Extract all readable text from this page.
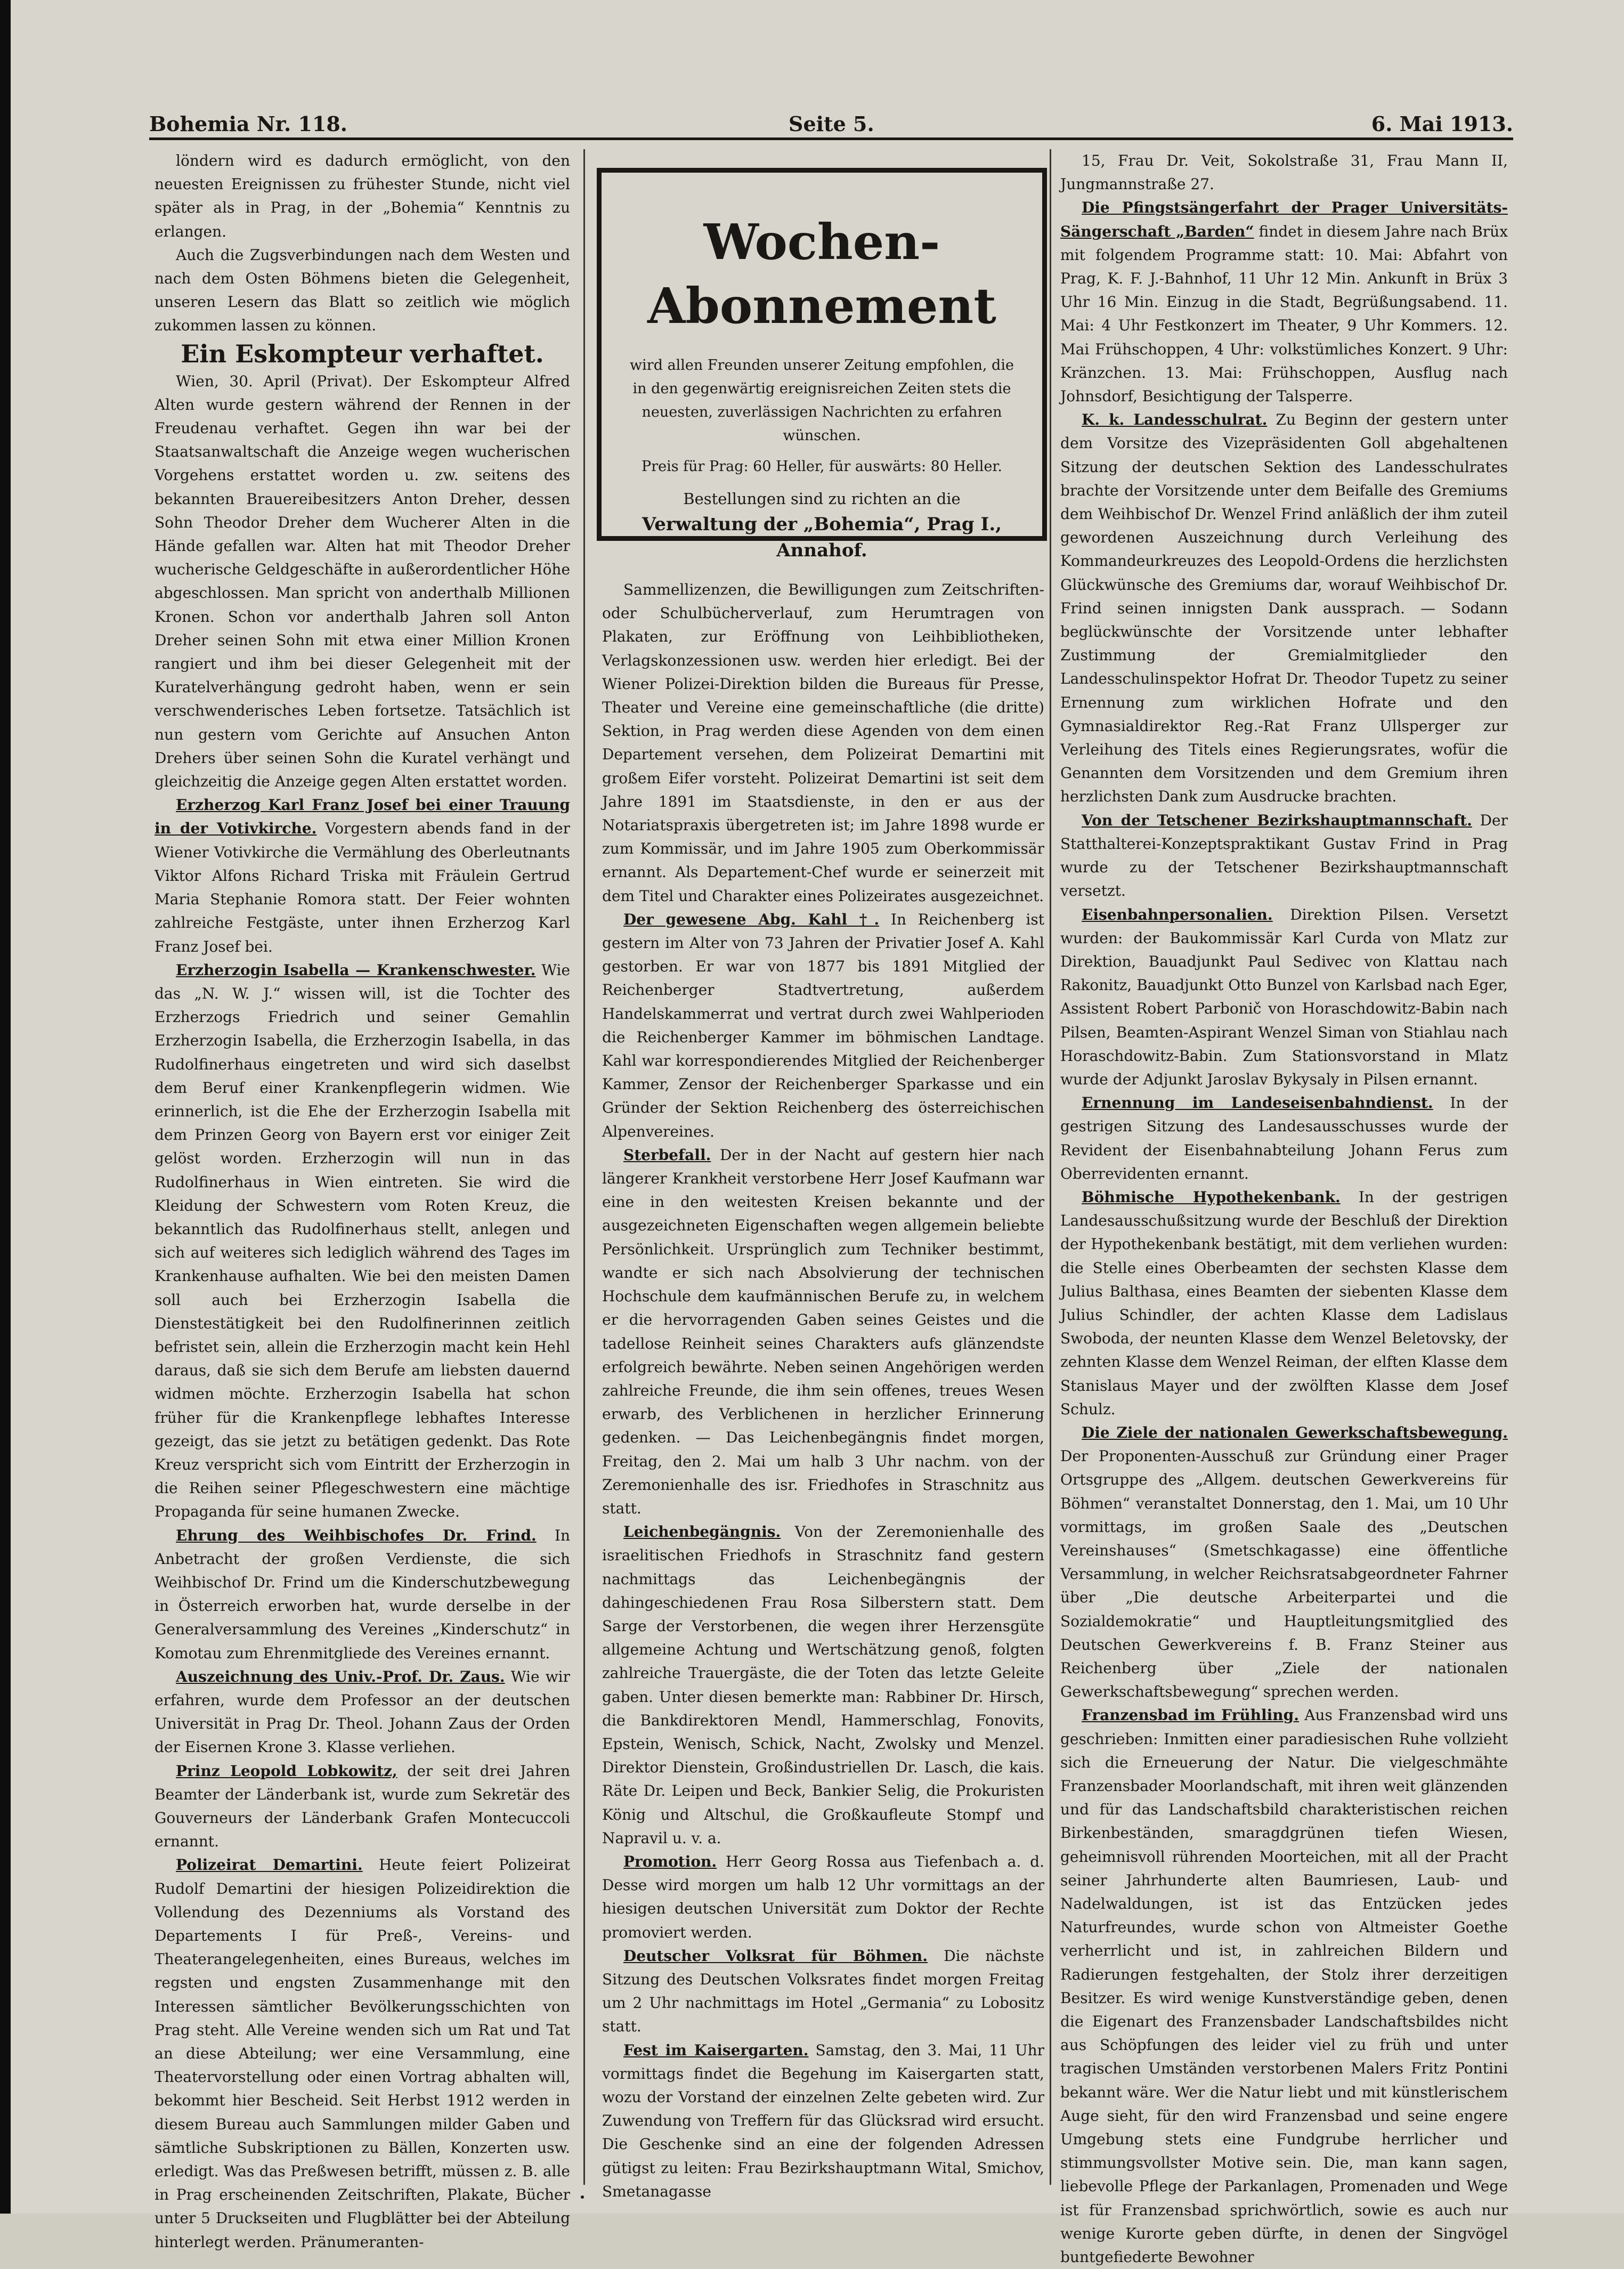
Bohemia Nr. 118.	Seite 5.	6. Mai 1913.

löndern wird es dadurch ermöglicht, von den neuesten Ereignissen zu frühester Stunde, nicht viel später als in Prag, in der „Bohemia“ Kenntnis zu erlangen.

Auch die Zugsverbindungen nach dem Westen und nach dem Osten Böhmens bieten die Gelegenheit, unseren Lesern das Blatt so zeitlich wie möglich zukommen lassen zu können.

Ein Eskompteur verhaftet.

Wien, 30. April (Privat). Der Eskompteur Alfred Alten wurde gestern während der Rennen in der Freudenau verhaftet. Gegen ihn war bei der Staatsanwaltschaft die Anzeige wegen wucherischen Vorgehens erstattet worden u. zw. seitens des bekannten Brauereibesitzers Anton Dreher, dessen Sohn Theodor Dreher dem Wucherer Alten in die Hände gefallen war. Alten hat mit Theodor Dreher wucherische Geldgeschäfte in außerordentlicher Höhe abgeschlossen. Man spricht von anderthalb Millionen Kronen. Schon vor anderthalb Jahren soll Anton Dreher seinen Sohn mit etwa einer Million Kronen rangiert und ihm bei dieser Gelegenheit mit der Kuratelverhängung gedroht haben, wenn er sein verschwenderisches Leben fortsetze. Tatsächlich ist nun gestern vom Gerichte auf Ansuchen Anton Drehers über seinen Sohn die Kuratel verhängt und gleichzeitig die Anzeige gegen Alten erstattet worden.

Erzherzog Karl Franz Josef bei einer Trauung in der Votivkirche. Vorgestern abends fand in der Wiener Votivkirche die Vermählung des Oberleutnants Viktor Alfons Richard Triska mit Fräulein Gertrud Maria Stephanie Romora statt. Der Feier wohnten zahlreiche Festgäste, unter ihnen Erzherzog Karl Franz Josef bei.

Erzherzogin Isabella — Krankenschwester. Wie das „N. W. J.“ wissen will, ist die Tochter des Erzherzogs Friedrich und seiner Gemahlin Erzherzogin Isabella, die Erzherzogin Isabella, in das Rudolfinerhaus eingetreten und wird sich daselbst dem Beruf einer Krankenpflegerin widmen. Wie erinnerlich, ist die Ehe der Erzherzogin Isabella mit dem Prinzen Georg von Bayern erst vor einiger Zeit gelöst worden. Erzherzogin will nun in das Rudolfinerhaus in Wien eintreten. Sie wird die Kleidung der Schwestern vom Roten Kreuz, die bekanntlich das Rudolfinerhaus stellt, anlegen und sich auf weiteres sich lediglich während des Tages im Krankenhause aufhalten. Wie bei den meisten Damen soll auch bei Erzherzogin Isabella die Dienstestätigkeit bei den Rudolfinerinnen zeitlich befristet sein, allein die Erzherzogin macht kein Hehl daraus, daß sie sich dem Berufe am liebsten dauernd widmen möchte. Erzherzogin Isabella hat schon früher für die Krankenpflege lebhaftes Interesse gezeigt, das sie jetzt zu betätigen gedenkt. Das Rote Kreuz verspricht sich vom Eintritt der Erzherzogin in die Reihen seiner Pflegeschwestern eine mächtige Propaganda für seine humanen Zwecke.

Ehrung des Weihbischofes Dr. Frind. In Anbetracht der großen Verdienste, die sich Weihbischof Dr. Frind um die Kinderschutzbewegung in Österreich erworben hat, wurde derselbe in der Generalversammlung des Vereines „Kinderschutz“ in Komotau zum Ehrenmitgliede des Vereines ernannt.

Auszeichnung des Univ.-Prof. Dr. Zaus. Wie wir erfahren, wurde dem Professor an der deutschen Universität in Prag Dr. Theol. Johann Zaus der Orden der Eisernen Krone 3. Klasse verliehen.

Prinz Leopold Lobkowitz, der seit drei Jahren Beamter der Länderbank ist, wurde zum Sekretär des Gouverneurs der Länderbank Grafen Montecuccoli ernannt.

Polizeirat Demartini. Heute feiert Polizeirat Rudolf Demartini der hiesigen Polizeidirektion die Vollendung des Dezenniums als Vorstand des Departements I für Preß-, Vereins- und Theaterangelegenheiten, eines Bureaus, welches im regsten und engsten Zusammenhange mit den Interessen sämtlicher Bevölkerungsschichten von Prag steht. Alle Vereine wenden sich um Rat und Tat an diese Abteilung; wer eine Versammlung, eine Theatervorstellung oder einen Vortrag abhalten will, bekommt hier Bescheid. Seit Herbst 1912 werden in diesem Bureau auch Sammlungen milder Gaben und sämtliche Subskriptionen zu Bällen, Konzerten usw. erledigt. Was das Preßwesen betrifft, müssen z. B. alle in Prag erscheinenden Zeitschriften, Plakate, Bücher unter 5 Druckseiten und Flugblätter bei der Abteilung hinterlegt werden. Pränumeranten-

Wochen-Abonnement
wird allen Freunden unserer Zeitung empfohlen, die in den gegenwärtig ereignisreichen Zeiten stets die neuesten, zuverlässigen Nachrichten zu erfahren wünschen.
Preis für Prag: 60 Heller, für auswärts: 80 Heller.
Bestellungen sind zu richten an die
Verwaltung der „Bohemia“, Prag I., Annahof.

Sammellizenzen, die Bewilligungen zum Zeitschriften- oder Schulbücherverlauf, zum Herumtragen von Plakaten, zur Eröffnung von Leihbibliotheken, Verlagskonzessionen usw. werden hier erledigt. Bei der Wiener Polizei-Direktion bilden die Bureaus für Presse, Theater und Vereine eine gemeinschaftliche (die dritte) Sektion, in Prag werden diese Agenden von dem einen Departement versehen, dem Polizeirat Demartini mit großem Eifer vorsteht. Polizeirat Demartini ist seit dem Jahre 1891 im Staatsdienste, in den er aus der Notariatspraxis übergetreten ist; im Jahre 1898 wurde er zum Kommissär, und im Jahre 1905 zum Oberkommissär ernannt. Als Departement-Chef wurde er seinerzeit mit dem Titel und Charakter eines Polizeirates ausgezeichnet.

Der gewesene Abg. Kahl †. In Reichenberg ist gestern im Alter von 73 Jahren der Privatier Josef A. Kahl gestorben. Er war von 1877 bis 1891 Mitglied der Reichenberger Stadtvertretung, außerdem Handelskammerrat und vertrat durch zwei Wahlperioden die Reichenberger Kammer im böhmischen Landtage. Kahl war korrespondierendes Mitglied der Reichenberger Kammer, Zensor der Reichenberger Sparkasse und ein Gründer der Sektion Reichenberg des österreichischen Alpenvereines.

Sterbefall. Der in der Nacht auf gestern hier nach längerer Krankheit verstorbene Herr Josef Kaufmann war eine in den weitesten Kreisen bekannte und der ausgezeichneten Eigenschaften wegen allgemein beliebte Persönlichkeit. Ursprünglich zum Techniker bestimmt, wandte er sich nach Absolvierung der technischen Hochschule dem kaufmännischen Berufe zu, in welchem er die hervorragenden Gaben seines Geistes und die tadellose Reinheit seines Charakters aufs glänzendste erfolgreich bewährte. Neben seinen Angehörigen werden zahlreiche Freunde, die ihm sein offenes, treues Wesen erwarb, des Verblichenen in herzlicher Erinnerung gedenken. — Das Leichenbegängnis findet morgen, Freitag, den 2. Mai um halb 3 Uhr nachm. von der Zeremonienhalle des isr. Friedhofes in Straschnitz aus statt.

Leichenbegängnis. Von der Zeremonienhalle des israelitischen Friedhofs in Straschnitz fand gestern nachmittags das Leichenbegängnis der dahingeschiedenen Frau Rosa Silberstern statt. Dem Sarge der Verstorbenen, die wegen ihrer Herzensgüte allgemeine Achtung und Wertschätzung genoß, folgten zahlreiche Trauergäste, die der Toten das letzte Geleite gaben. Unter diesen bemerkte man: Rabbiner Dr. Hirsch, die Bankdirektoren Mendl, Hammerschlag, Fonovits, Epstein, Wenisch, Schick, Nacht, Zwolsky und Menzel. Direktor Dienstein, Großindustriellen Dr. Lasch, die kais. Räte Dr. Leipen und Beck, Bankier Selig, die Prokuristen König und Altschul, die Großkaufleute Stompf und Napravil u. v. a.

Promotion. Herr Georg Rossa aus Tiefenbach a. d. Desse wird morgen um halb 12 Uhr vormittags an der hiesigen deutschen Universität zum Doktor der Rechte promoviert werden.

Deutscher Volksrat für Böhmen. Die nächste Sitzung des Deutschen Volksrates findet morgen Freitag um 2 Uhr nachmittags im Hotel „Germania“ zu Lobositz statt.

Fest im Kaisergarten. Samstag, den 3. Mai, 11 Uhr vormittags findet die Begehung im Kaisergarten statt, wozu der Vorstand der einzelnen Zelte gebeten wird. Zur Zuwendung von Treffern für das Glücksrad wird ersucht. Die Geschenke sind an eine der folgenden Adressen gütigst zu leiten: Frau Bezirkshauptmann Wital, Smichov, Smetanagasse

15, Frau Dr. Veit, Sokolstraße 31, Frau Mann II, Jungmannstraße 27.

Die Pfingstsängerfahrt der Prager Universitäts-Sängerschaft „Barden“ findet in diesem Jahre nach Brüx mit folgendem Programme statt: 10. Mai: Abfahrt von Prag, K. F. J.-Bahnhof, 11 Uhr 12 Min. Ankunft in Brüx 3 Uhr 16 Min. Einzug in die Stadt, Begrüßungsabend. 11. Mai: 4 Uhr Festkonzert im Theater, 9 Uhr Kommers. 12. Mai Frühschoppen, 4 Uhr: volkstümliches Konzert. 9 Uhr: Kränzchen. 13. Mai: Frühschoppen, Ausflug nach Johnsdorf, Besichtigung der Talsperre.

K. k. Landesschulrat. Zu Beginn der gestern unter dem Vorsitze des Vizepräsidenten Goll abgehaltenen Sitzung der deutschen Sektion des Landesschulrates brachte der Vorsitzende unter dem Beifalle des Gremiums dem Weihbischof Dr. Wenzel Frind anläßlich der ihm zuteil gewordenen Auszeichnung durch Verleihung des Kommandeurkreuzes des Leopold-Ordens die herzlichsten Glückwünsche des Gremiums dar, worauf Weihbischof Dr. Frind seinen innigsten Dank aussprach. — Sodann beglückwünschte der Vorsitzende unter lebhafter Zustimmung der Gremialmitglieder den Landesschulinspektor Hofrat Dr. Theodor Tupetz zu seiner Ernennung zum wirklichen Hofrate und den Gymnasialdirektor Reg.-Rat Franz Ullsperger zur Verleihung des Titels eines Regierungsrates, wofür die Genannten dem Vorsitzenden und dem Gremium ihren herzlichsten Dank zum Ausdrucke brachten.

Von der Tetschener Bezirkshauptmannschaft. Der Statthalterei-Konzeptspraktikant Gustav Frind in Prag wurde zu der Tetschener Bezirkshauptmannschaft versetzt.

Eisenbahnpersonalien. Direktion Pilsen. Versetzt wurden: der Baukommissär Karl Curda von Mlatz zur Direktion, Bauadjunkt Paul Sedivec von Klattau nach Rakonitz, Bauadjunkt Otto Bunzel von Karlsbad nach Eger, Assistent Robert Parbonič von Horaschdowitz-Babin nach Pilsen, Beamten-Aspirant Wenzel Siman von Stiahlau nach Horaschdowitz-Babin. Zum Stationsvorstand in Mlatz wurde der Adjunkt Jaroslav Bykysaly in Pilsen ernannt.

Ernennung im Landeseisenbahndienst. In der gestrigen Sitzung des Landesausschusses wurde der Revident der Eisenbahnabteilung Johann Ferus zum Oberrevidenten ernannt.

Böhmische Hypothekenbank. In der gestrigen Landesausschußsitzung wurde der Beschluß der Direktion der Hypothekenbank bestätigt, mit dem verliehen wurden: die Stelle eines Oberbeamten der sechsten Klasse dem Julius Balthasa, eines Beamten der siebenten Klasse dem Julius Schindler, der achten Klasse dem Ladislaus Swoboda, der neunten Klasse dem Wenzel Beletovsky, der zehnten Klasse dem Wenzel Reiman, der elften Klasse dem Stanislaus Mayer und der zwölften Klasse dem Josef Schulz.

Die Ziele der nationalen Gewerkschaftsbewegung. Der Proponenten-Ausschuß zur Gründung einer Prager Ortsgruppe des „Allgem. deutschen Gewerkvereins für Böhmen“ veranstaltet Donnerstag, den 1. Mai, um 10 Uhr vormittags, im großen Saale des „Deutschen Vereinshauses“ (Smetschkagasse) eine öffentliche Versammlung, in welcher Reichsratsabgeordneter Fahrner über „Die deutsche Arbeiterpartei und die Sozialdemokratie“ und Hauptleitungsmitglied des Deutschen Gewerkvereins f. B. Franz Steiner aus Reichenberg über „Ziele der nationalen Gewerkschaftsbewegung“ sprechen werden.

Franzensbad im Frühling. Aus Franzensbad wird uns geschrieben: Inmitten einer paradiesischen Ruhe vollzieht sich die Erneuerung der Natur. Die vielgeschmähte Franzensbader Moorlandschaft, mit ihren weit glänzenden und für das Landschaftsbild charakteristischen reichen Birkenbeständen, smaragdgrünen tiefen Wiesen, geheimnisvoll rührenden Moorteichen, mit all der Pracht seiner Jahrhunderte alten Baumriesen, Laub- und Nadelwaldungen, ist ist das Entzücken jedes Naturfreundes, wurde schon von Altmeister Goethe verherrlicht und ist, in zahlreichen Bildern und Radierungen festgehalten, der Stolz ihrer derzeitigen Besitzer. Es wird wenige Kunstverständige geben, denen die Eigenart des Franzensbader Landschaftsbildes nicht aus Schöpfungen des leider viel zu früh und unter tragischen Umständen verstorbenen Malers Fritz Pontini bekannt wäre. Wer die Natur liebt und mit künstlerischem Auge sieht, für den wird Franzensbad und seine engere Umgebung stets eine Fundgrube herrlicher und stimmungsvollster Motive sein. Die, man kann sagen, liebevolle Pflege der Parkanlagen, Promenaden und Wege ist für Franzensbad sprichwörtlich, sowie es auch nur wenige Kurorte geben dürfte, in denen der Singvögel buntgefiederte Bewohner
